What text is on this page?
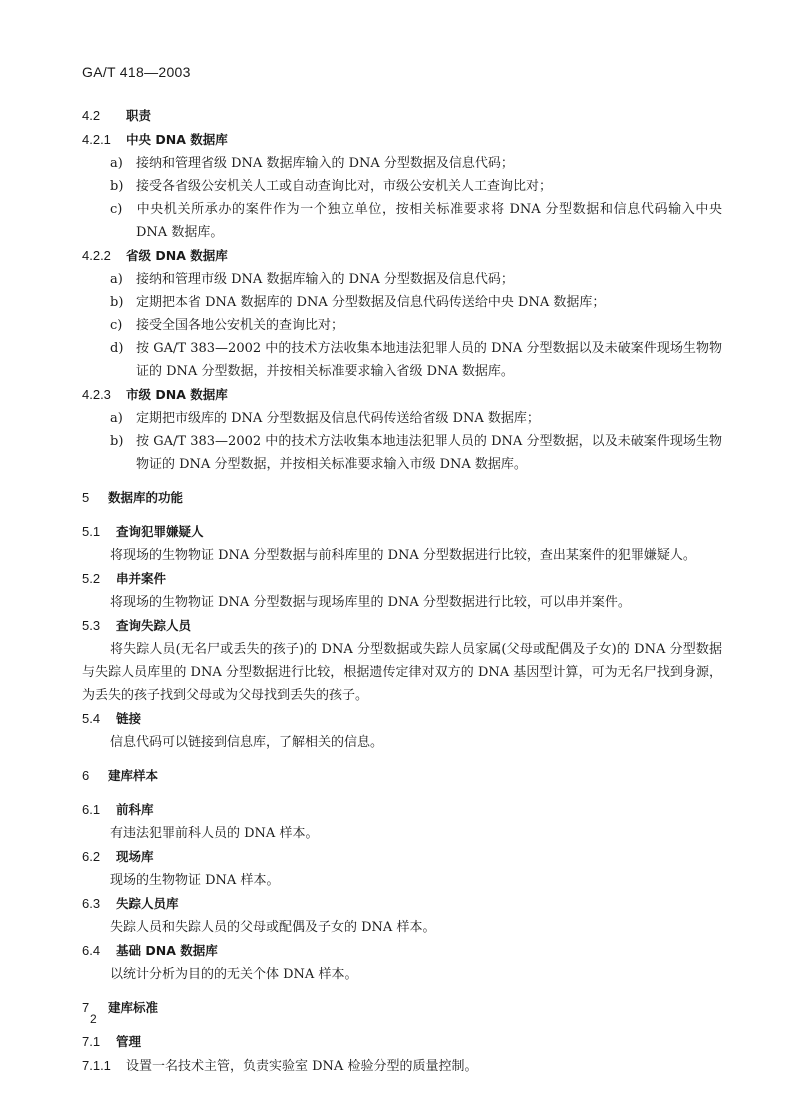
GA/T 418—2003
4.2 职责
4.2.1 中央 DNA 数据库
a) 接纳和管理省级 DNA 数据库输入的 DNA 分型数据及信息代码；
b) 接受各省级公安机关人工或自动查询比对，市级公安机关人工查询比对；
c) 中央机关所承办的案件作为一个独立单位，按相关标准要求将 DNA 分型数据和信息代码输入中央 DNA 数据库。
4.2.2 省级 DNA 数据库
a) 接纳和管理市级 DNA 数据库输入的 DNA 分型数据及信息代码；
b) 定期把本省 DNA 数据库的 DNA 分型数据及信息代码传送给中央 DNA 数据库；
c) 接受全国各地公安机关的查询比对；
d) 按 GA/T 383—2002 中的技术方法收集本地违法犯罪人员的 DNA 分型数据以及未破案件现场生物物证的 DNA 分型数据，并按相关标准要求输入省级 DNA 数据库。
4.2.3 市级 DNA 数据库
a) 定期把市级库的 DNA 分型数据及信息代码传送给省级 DNA 数据库；
b) 按 GA/T 383—2002 中的技术方法收集本地违法犯罪人员的 DNA 分型数据，以及未破案件现场生物物证的 DNA 分型数据，并按相关标准要求输入市级 DNA 数据库。
5 数据库的功能
5.1 查询犯罪嫌疑人
将现场的生物物证 DNA 分型数据与前科库里的 DNA 分型数据进行比较，查出某案件的犯罪嫌疑人。
5.2 串并案件
将现场的生物物证 DNA 分型数据与现场库里的 DNA 分型数据进行比较，可以串并案件。
5.3 查询失踪人员
将失踪人员(无名尸或丢失的孩子)的 DNA 分型数据或失踪人员家属(父母或配偶及子女)的 DNA 分型数据与失踪人员库里的 DNA 分型数据进行比较，根据遗传定律对双方的 DNA 基因型计算，可为无名尸找到身源，为丢失的孩子找到父母或为父母找到丢失的孩子。
5.4 链接
信息代码可以链接到信息库，了解相关的信息。
6 建库样本
6.1 前科库
有违法犯罪前科人员的 DNA 样本。
6.2 现场库
现场的生物物证 DNA 样本。
6.3 失踪人员库
失踪人员和失踪人员的父母或配偶及子女的 DNA 样本。
6.4 基础 DNA 数据库
以统计分析为目的的无关个体 DNA 样本。
7 建库标准
7.1 管理
7.1.1 设置一名技术主管，负责实验室 DNA 检验分型的质量控制。
2
